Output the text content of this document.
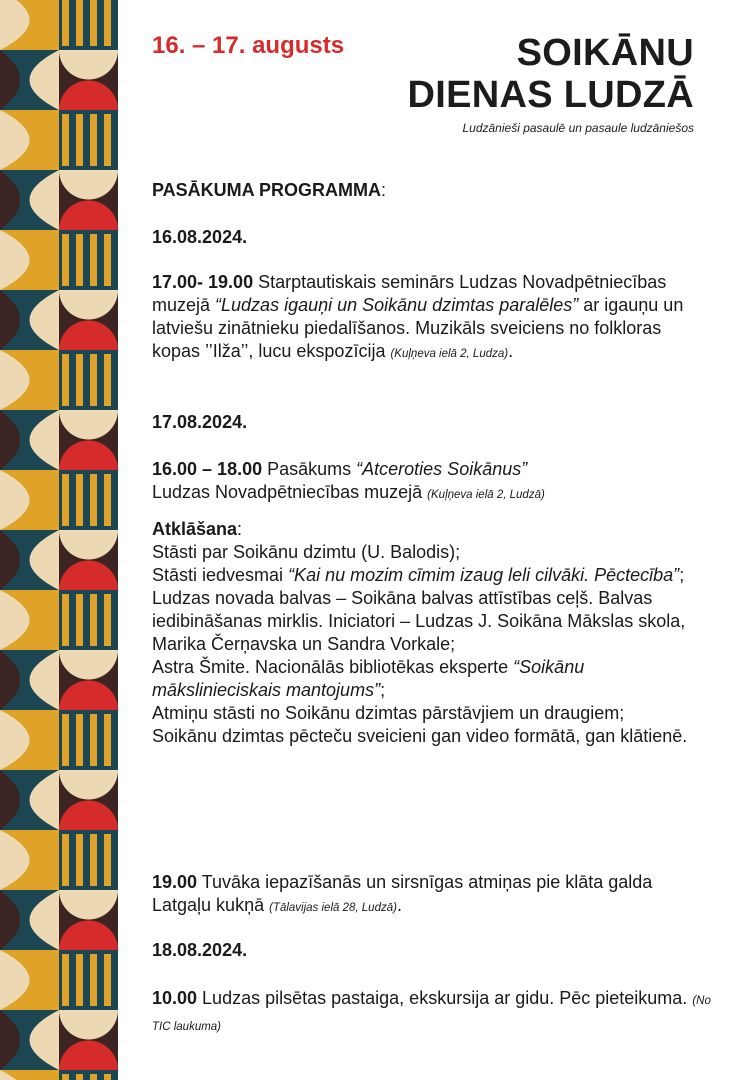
16. – 17. augusts	SOIKĀNU
DIENAS LUDZĀ
Ludzānieši pasaulē un pasaule ludzāniešos
PASĀKUMA PROGRAMMA:
16.08.2024.
17.00- 19.00 Starptautiskais seminārs Ludzas Novadpētniecības muzejā “Ludzas igauņi un Soikānu dzimtas paralēles” ar igauņu un latviešu zinātnieku piedalīšanos. Muzikāls sveiciens no folkloras kopas ’’Ilža’’, lucu ekspozīcija (Kuļņeva ielā 2, Ludza).
17.08.2024.
16.00 – 18.00 Pasākums “Atceroties Soikānus”
Ludzas Novadpētniecības muzejā (Kuļņeva ielā 2, Ludzā)
Atklāšana:
Stāsti par Soikānu dzimtu (U. Balodis);
Stāsti iedvesmai “Kai nu mozim cīmim izaug leli cilvāki. Pēctecība”;
Ludzas novada balvas – Soikāna balvas attīstības ceļš. Balvas iedibināšanas mirklis. Iniciatori – Ludzas J. Soikāna Mākslas skola, Marika Čerņavska un Sandra Vorkale;
Astra Šmite. Nacionālās bibliotēkas eksperte “Soikānu mākslinieciskais mantojums”;
Atmiņu stāsti no Soikānu dzimtas pārstāvjiem un draugiem;
Soikānu dzimtas pēcteču sveicieni gan video formātā, gan klātienē.
19.00 Tuvāka iepazīšanās un sirsnīgas atmiņas pie klāta galda Latgaļu kukņā (Tālavijas ielā 28, Ludzā).
18.08.2024.
10.00 Ludzas pilsētas pastaiga, ekskursija ar gidu. Pēc pieteikuma. (No TIC laukuma)
